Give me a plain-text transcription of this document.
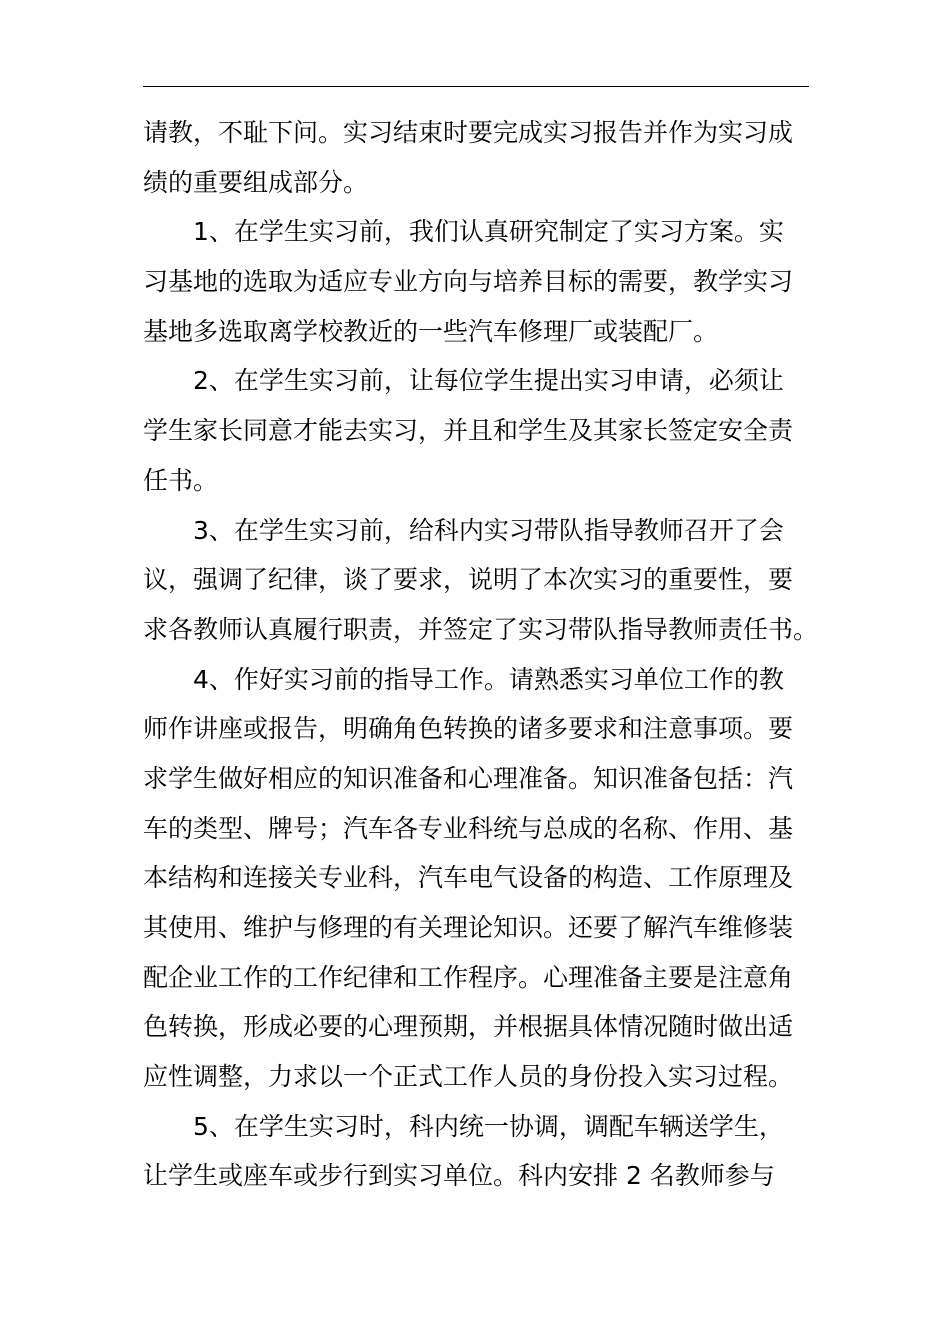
请教，不耻下问。实习结束时要完成实习报告并作为实习成
绩的重要组成部分。
1、在学生实习前，我们认真研究制定了实习方案。实
习基地的选取为适应专业方向与培养目标的需要，教学实习
基地多选取离学校教近的一些汽车修理厂或装配厂。
2、在学生实习前，让每位学生提出实习申请，必须让
学生家长同意才能去实习，并且和学生及其家长签定安全责
任书。
3、在学生实习前，给科内实习带队指导教师召开了会
议，强调了纪律，谈了要求，说明了本次实习的重要性，要
求各教师认真履行职责，并签定了实习带队指导教师责任书。
4、作好实习前的指导工作。请熟悉实习单位工作的教
师作讲座或报告，明确角色转换的诸多要求和注意事项。要
求学生做好相应的知识准备和心理准备。知识准备包括：汽
车的类型、牌号；汽车各专业科统与总成的名称、作用、基
本结构和连接关专业科，汽车电气设备的构造、工作原理及
其使用、维护与修理的有关理论知识。还要了解汽车维修装
配企业工作的工作纪律和工作程序。心理准备主要是注意角
色转换，形成必要的心理预期，并根据具体情况随时做出适
应性调整，力求以一个正式工作人员的身份投入实习过程。
5、在学生实习时，科内统一协调，调配车辆送学生，
让学生或座车或步行到实习单位。科内安排 2 名教师参与
